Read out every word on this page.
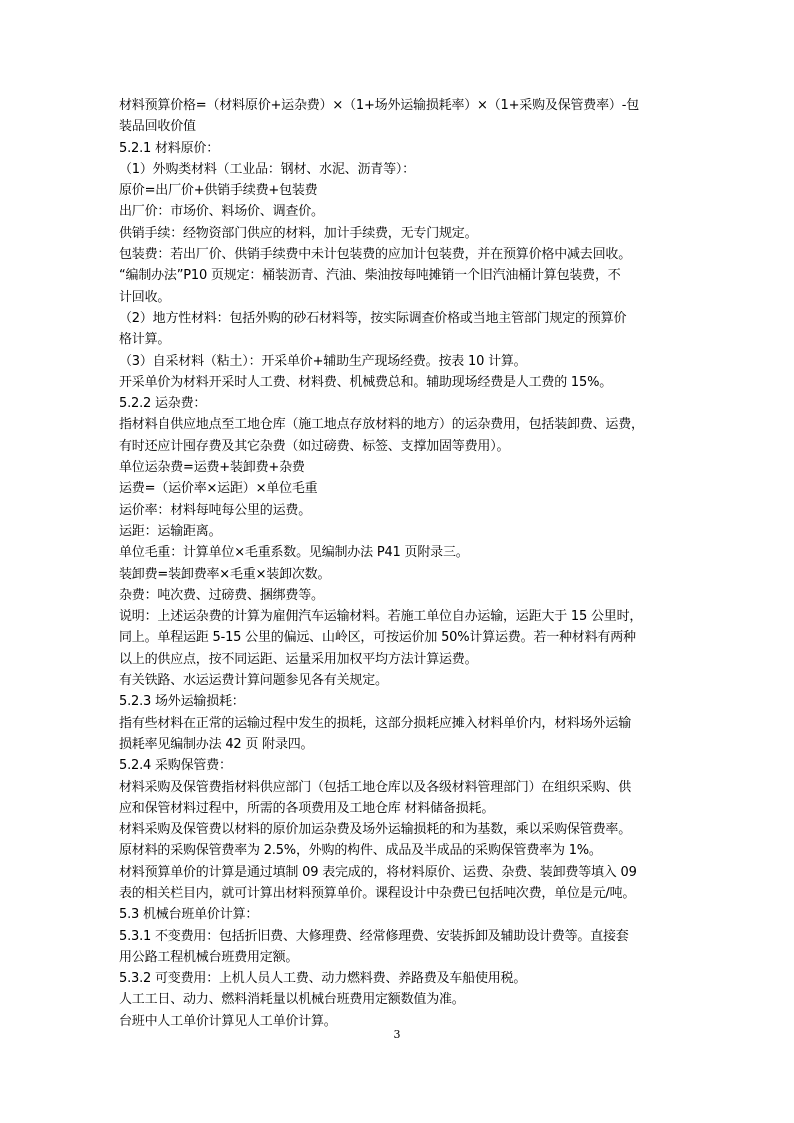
材料预算价格=（材料原价+运杂费）×（1+场外运输损耗率）×（1+采购及保管费率）-包
装品回收价值
5.2.1 材料原价：
（1）外购类材料（工业品：钢材、水泥、沥青等）：
原价=出厂价+供销手续费+包装费
出厂价：市场价、料场价、调查价。
供销手续：经物资部门供应的材料，加计手续费，无专门规定。
包装费：若出厂价、供销手续费中未计包装费的应加计包装费，并在预算价格中减去回收。
“编制办法”P10 页规定：桶装沥青、汽油、柴油按每吨摊销一个旧汽油桶计算包装费，不
计回收。
（2）地方性材料：包括外购的砂石材料等，按实际调查价格或当地主管部门规定的预算价
格计算。
（3）自采材料（粘土）：开采单价+辅助生产现场经费。按表 10 计算。
开采单价为材料开采时人工费、材料费、机械费总和。辅助现场经费是人工费的 15%。
5.2.2 运杂费：
指材料自供应地点至工地仓库（施工地点存放材料的地方）的运杂费用，包括装卸费、运费，
有时还应计囤存费及其它杂费（如过磅费、标签、支撑加固等费用）。
单位运杂费=运费+装卸费+杂费
运费=（运价率×运距）×单位毛重
运价率：材料每吨每公里的运费。
运距：运输距离。
单位毛重：计算单位×毛重系数。见编制办法 P41 页附录三。
装卸费=装卸费率×毛重×装卸次数。
杂费：吨次费、过磅费、捆绑费等。
说明：上述运杂费的计算为雇佣汽车运输材料。若施工单位自办运输，运距大于 15 公里时，
同上。单程运距 5-15 公里的偏远、山岭区，可按运价加 50%计算运费。若一种材料有两种
以上的供应点，按不同运距、运量采用加权平均方法计算运费。
有关铁路、水运运费计算问题参见各有关规定。
5.2.3 场外运输损耗：
指有些材料在正常的运输过程中发生的损耗，这部分损耗应摊入材料单价内，材料场外运输
损耗率见编制办法 42 页 附录四。
5.2.4 采购保管费：
材料采购及保管费指材料供应部门（包括工地仓库以及各级材料管理部门）在组织采购、供
应和保管材料过程中，所需的各项费用及工地仓库 材料储备损耗。
材料采购及保管费以材料的原价加运杂费及场外运输损耗的和为基数，乘以采购保管费率。
原材料的采购保管费率为 2.5%，外购的构件、成品及半成品的采购保管费率为 1%。
材料预算单价的计算是通过填制 09 表完成的，将材料原价、运费、杂费、装卸费等填入 09
表的相关栏目内，就可计算出材料预算单价。课程设计中杂费已包括吨次费，单位是元/吨。
5.3 机械台班单价计算：
5.3.1 不变费用：包括折旧费、大修理费、经常修理费、安装拆卸及辅助设计费等。直接套
用公路工程机械台班费用定额。
5.3.2 可变费用：上机人员人工费、动力燃料费、养路费及车船使用税。
人工工日、动力、燃料消耗量以机械台班费用定额数值为准。
台班中人工单价计算见人工单价计算。
3
